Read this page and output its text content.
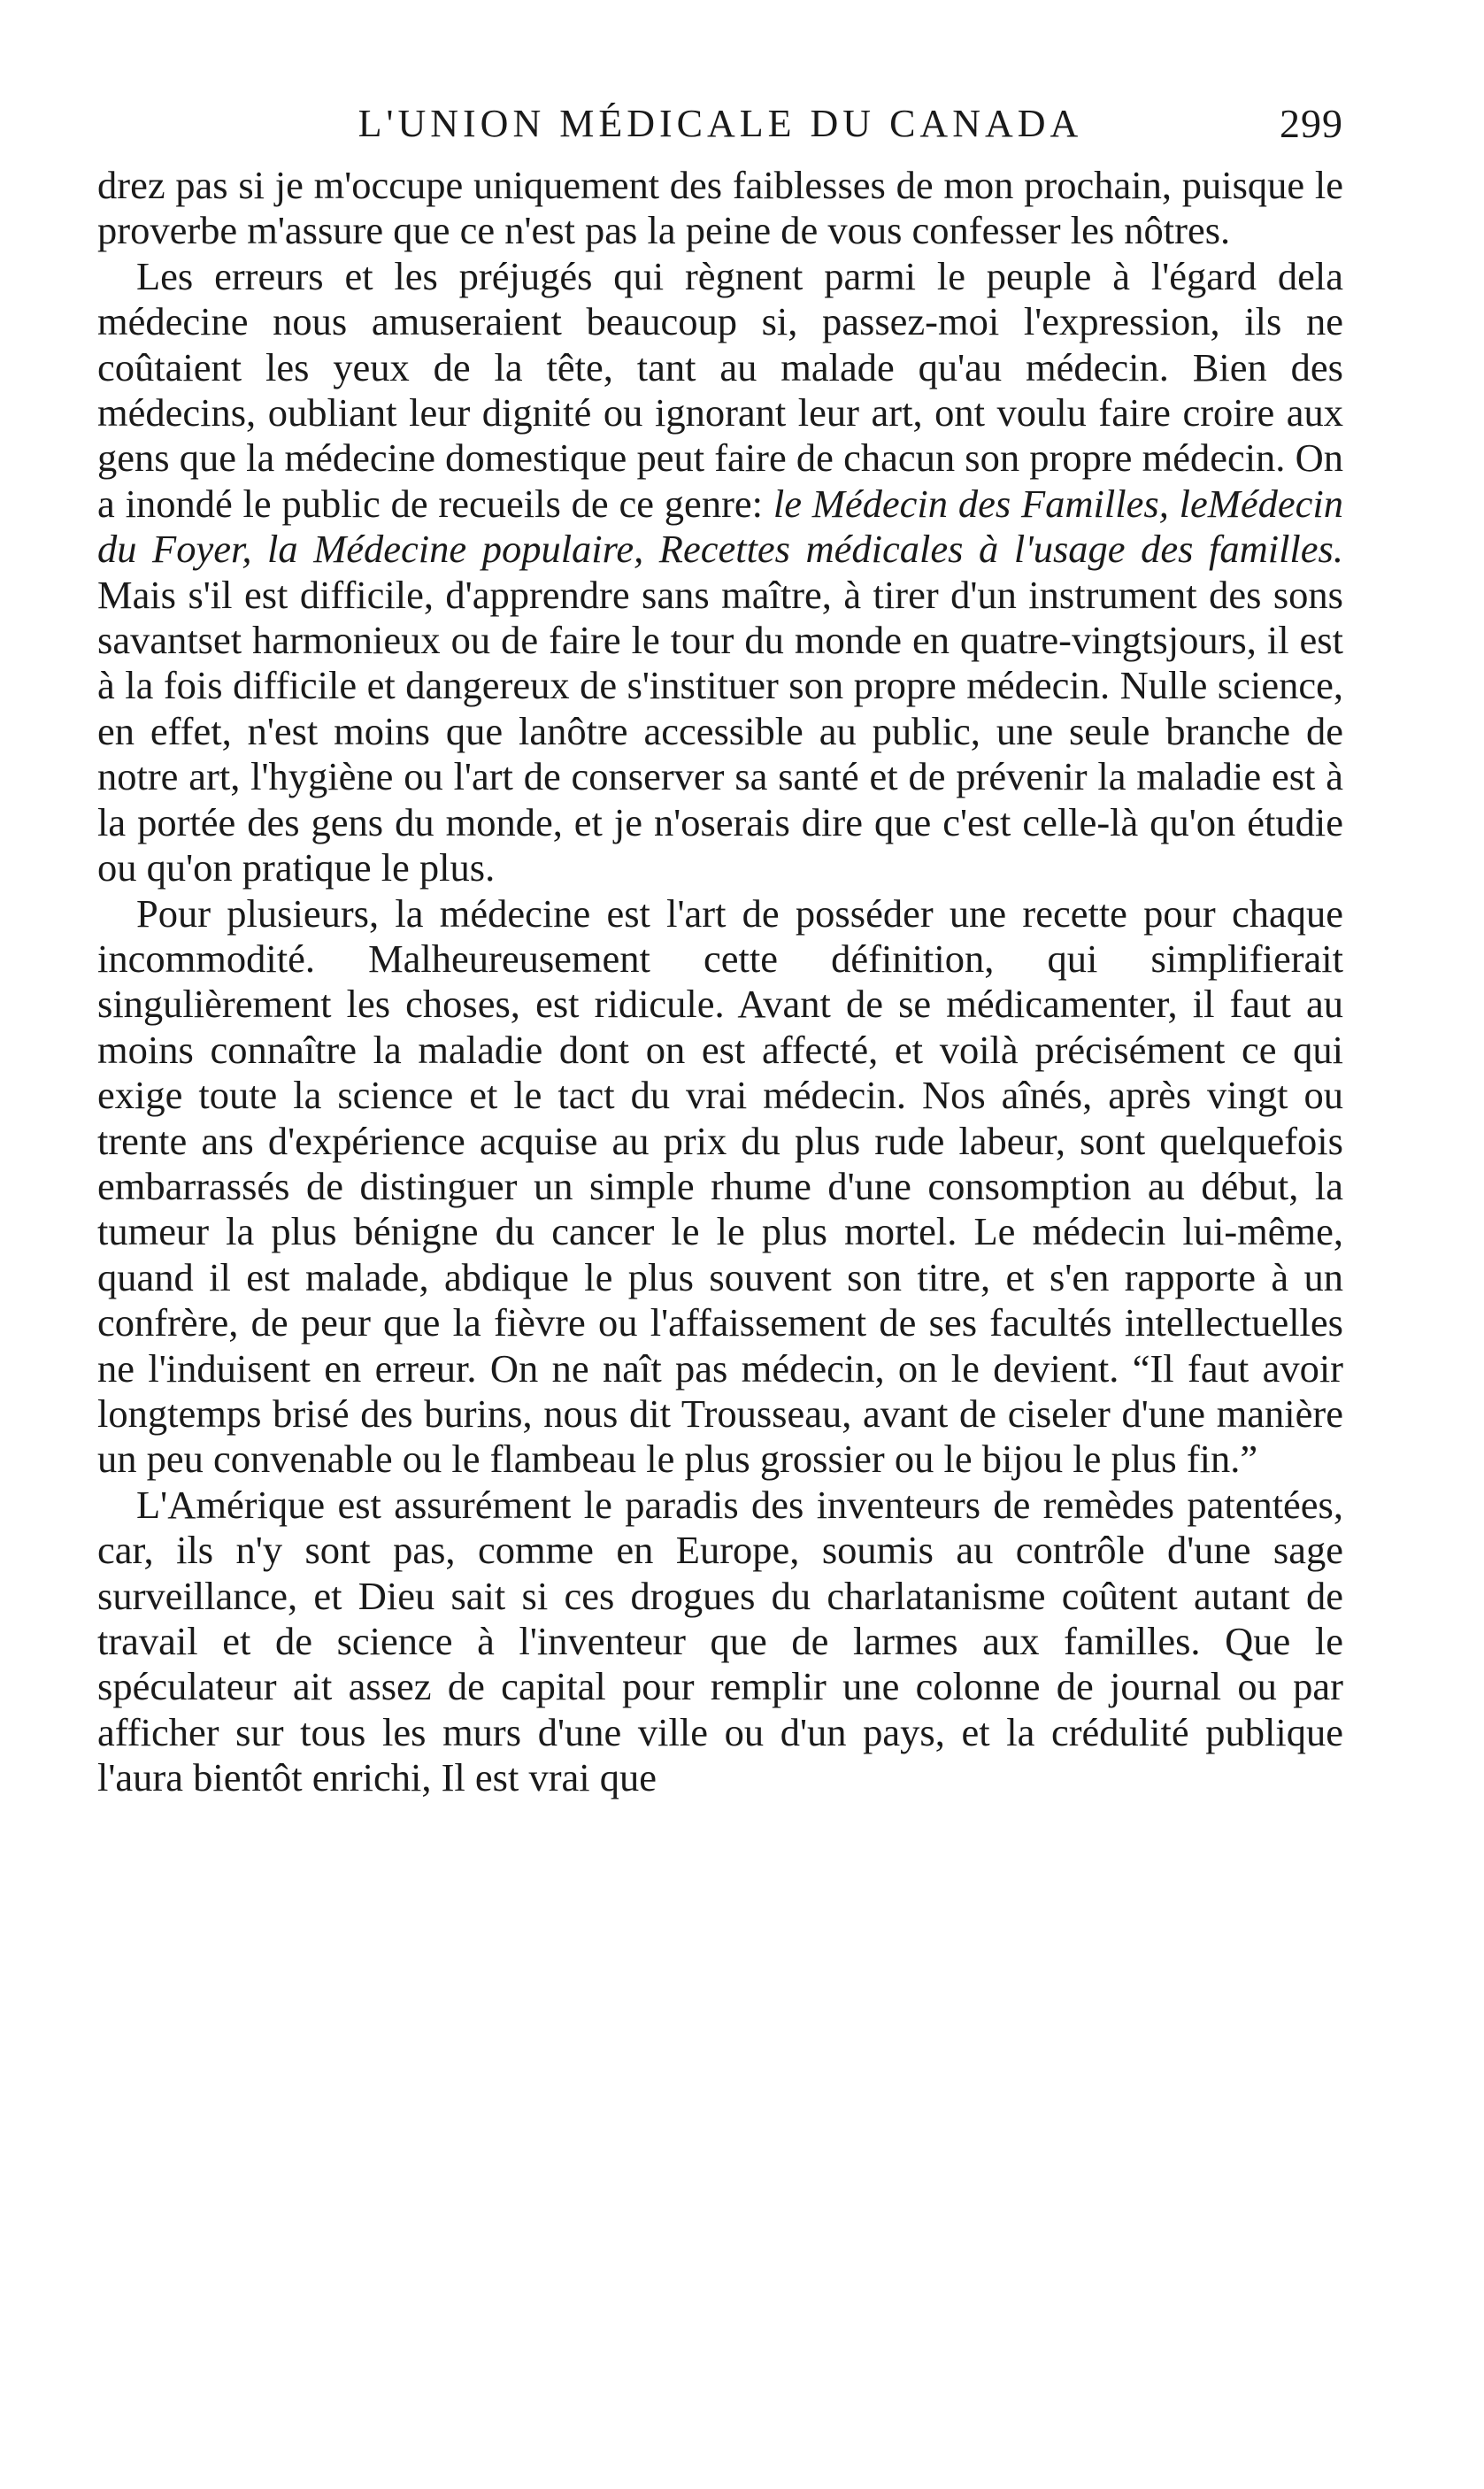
L'UNION MÉDICALE DU CANADA	299

drez pas si je m'occupe uniquement des faiblesses de mon prochain, puisque le proverbe m'assure que ce n'est pas la peine de vous confesser les nôtres.

Les erreurs et les préjugés qui règnent parmi le peuple à l'égard dela médecine nous amuseraient beaucoup si, passez-moi l'expression, ils ne coûtaient les yeux de la tête, tant au malade qu'au médecin. Bien des médecins, oubliant leur dignité ou ignorant leur art, ont voulu faire croire aux gens que la médecine domestique peut faire de chacun son propre médecin. On a inondé le public de recueils de ce genre: le Médecin des Familles, leMédecin du Foyer, la Médecine populaire, Recettes médicales à l'usage des familles. Mais s'il est difficile, d'apprendre sans maître, à tirer d'un instrument des sons savantset harmonieux ou de faire le tour du monde en quatre-vingtsjours, il est à la fois difficile et dangereux de s'instituer son propre médecin. Nulle science, en effet, n'est moins que lanôtre accessible au public, une seule branche de notre art, l'hygiène ou l'art de conserver sa santé et de prévenir la maladie est à la portée des gens du monde, et je n'oserais dire que c'est celle-là qu'on étudie ou qu'on pratique le plus.

Pour plusieurs, la médecine est l'art de posséder une recette pour chaque incommodité. Malheureusement cette définition, qui simplifierait singulièrement les choses, est ridicule. Avant de se médicamenter, il faut au moins connaître la maladie dont on est affecté, et voilà précisément ce qui exige toute la science et le tact du vrai médecin. Nos aînés, après vingt ou trente ans d'expérience acquise au prix du plus rude labeur, sont quelquefois embarrassés de distinguer un simple rhume d'une consomption au début, la tumeur la plus bénigne du cancer le le plus mortel. Le médecin lui-même, quand il est malade, abdique le plus souvent son titre, et s'en rapporte à un confrère, de peur que la fièvre ou l'affaissement de ses facultés intellectuelles ne l'induisent en erreur. On ne naît pas médecin, on le devient. “Il faut avoir longtemps brisé des burins, nous dit Trousseau, avant de ciseler d'une manière un peu convenable ou le flambeau le plus grossier ou le bijou le plus fin.”

L'Amérique est assurément le paradis des inventeurs de remèdes patentées, car, ils n'y sont pas, comme en Europe, soumis au contrôle d'une sage surveillance, et Dieu sait si ces drogues du charlatanisme coûtent autant de travail et de science à l'inventeur que de larmes aux familles. Que le spéculateur ait assez de capital pour remplir une colonne de journal ou par afficher sur tous les murs d'une ville ou d'un pays, et la crédulité publique l'aura bientôt enrichi, Il est vrai que
